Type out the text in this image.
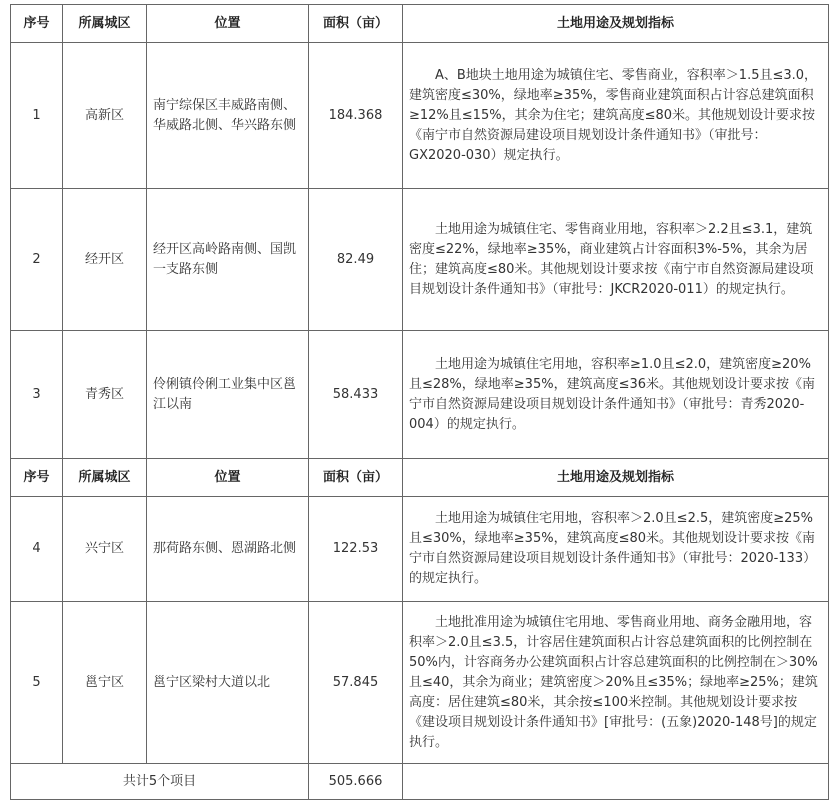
序号	所属城区	位置	面积（亩）	土地用途及规划指标
1	高新区	南宁综保区丰威路南侧、华威路北侧、华兴路东侧	184.368	A、B地块土地用途为城镇住宅、零售商业，容积率＞1.5且≤3.0，建筑密度≤30%，绿地率≥35%，零售商业建筑面积占计容总建筑面积≥12%且≤15%，其余为住宅；建筑高度≤80米。其他规划设计要求按《南宁市自然资源局建设项目规划设计条件通知书》（审批号：GX2020-030）规定执行。
2	经开区	经开区高岭路南侧、国凯一支路东侧	82.49	土地用途为城镇住宅、零售商业用地，容积率＞2.2且≤3.1，建筑密度≤22%，绿地率≥35%，商业建筑占计容面积3%-5%，其余为居住；建筑高度≤80米。其他规划设计要求按《南宁市自然资源局建设项目规划设计条件通知书》（审批号：JKCR2020-011）的规定执行。
3	青秀区	伶俐镇伶俐工业集中区邕江以南	58.433	土地用途为城镇住宅用地，容积率≥1.0且≤2.0，建筑密度≥20%且≤28%，绿地率≥35%，建筑高度≤36米。其他规划设计要求按《南宁市自然资源局建设项目规划设计条件通知书》（审批号：青秀2020-004）的规定执行。
序号	所属城区	位置	面积（亩）	土地用途及规划指标
4	兴宁区	那荷路东侧、恩湖路北侧	122.53	土地用途为城镇住宅用地，容积率＞2.0且≤2.5，建筑密度≥25%且≤30%，绿地率≥35%，建筑高度≤80米。其他规划设计要求按《南宁市自然资源局建设项目规划设计条件通知书》（审批号：2020-133）的规定执行。
5	邕宁区	邕宁区梁村大道以北	57.845	土地批准用途为城镇住宅用地、零售商业用地、商务金融用地，容积率＞2.0且≤3.5，计容居住建筑面积占计容总建筑面积的比例控制在50%内，计容商务办公建筑面积占计容总建筑面积的比例控制在＞30%且≤40，其余为商业；建筑密度＞20%且≤35%；绿地率≥25%；建筑高度：居住建筑≤80米，其余按≤100米控制。其他规划设计要求按《建设项目规划设计条件通知书》[审批号：(五象)2020-148号]的规定执行。
共计5个项目			505.666	
